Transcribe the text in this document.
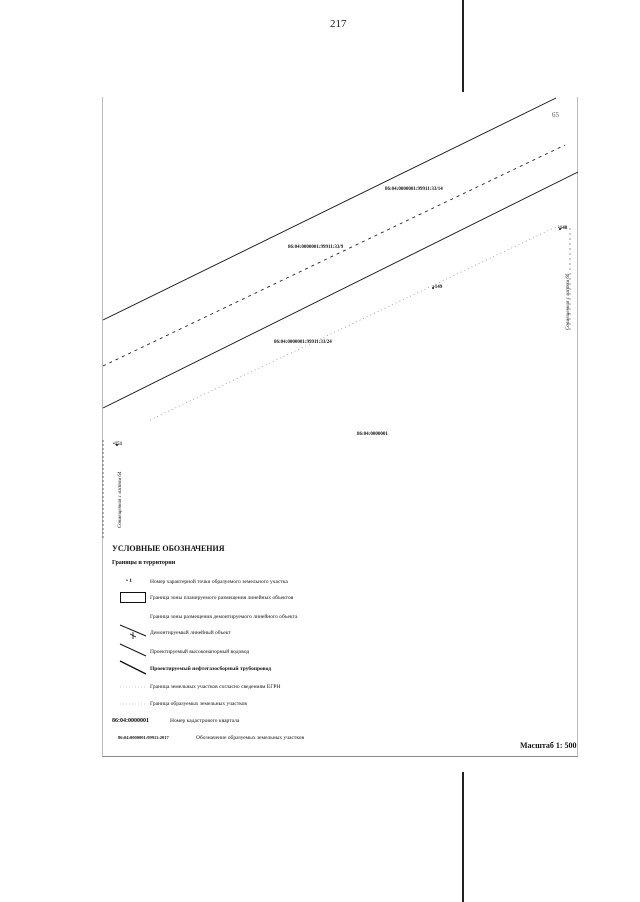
217
65
86:04:0000001:99911:33/14
86:04:0000001:99911:33/9
86:04:0000001:99911:33/24
86:04:0000001
•148
•149
•151
Совмещенная с листом 66
Совмещенная с листом 64
УСЛОВНЫЕ ОБОЗНАЧЕНИЯ
Границы и территории
• 1	Номер характерной точки образуемого земельного участка
Граница зоны планируемого размещения линейных объектов
Граница зоны размещения демонтируемого линейного объекта
Демонтируемый линейный объект
Проектируемый высоконапорный водовод
Проектируемый нефтегазосборный трубопровод
Граница земельных участков согласно сведениям ЕГРН
Граница образуемых земельных участков
86:04:0000001	Номер кадастрового квартала
86:04:0000001:99911:2017	Обозначение образуемых земельных участков
Масштаб 1: 500
